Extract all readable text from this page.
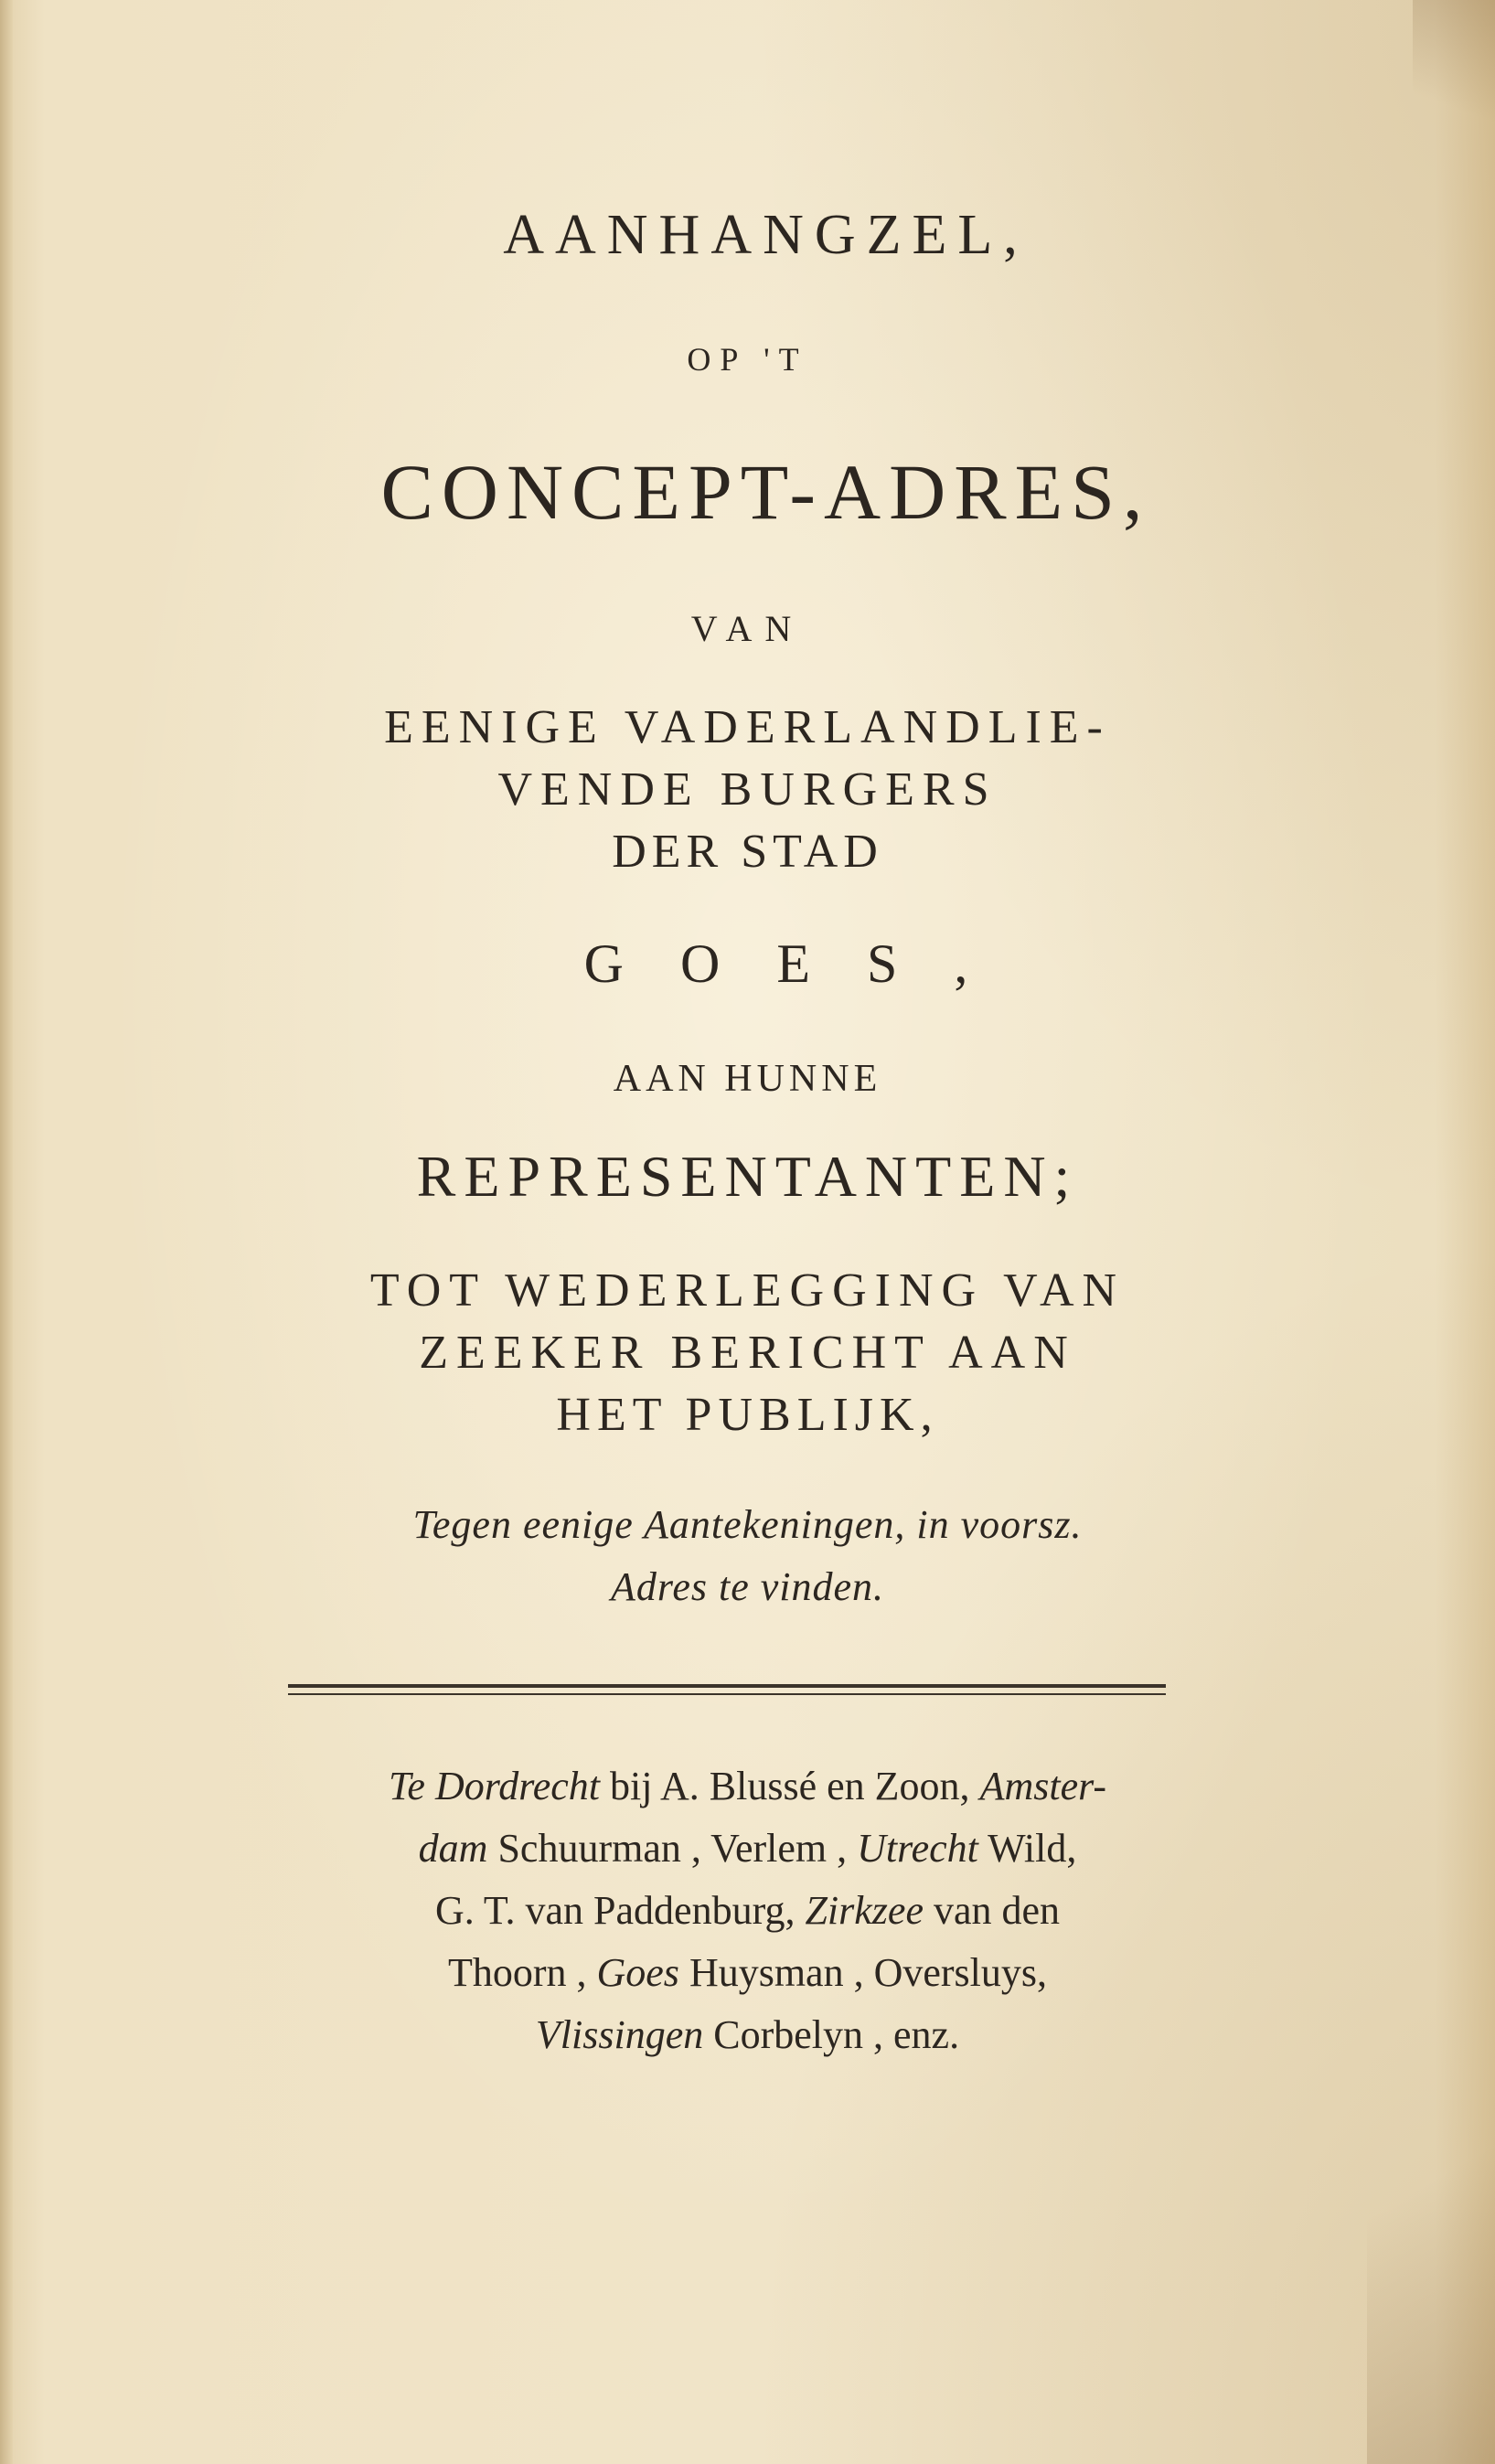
AANHANGZEL,
OP 'T
CONCEPT-ADRES,
VAN
EENIGE VADERLANDLIE-
VENDE BURGERS
DER STAD
GOES,
AAN HUNNE
REPRESENTANTEN;
TOT WEDERLEGGING VAN
ZEEKER BERICHT AAN
HET PUBLIJK,
Tegen eenige Aantekeningen, in voorsz.
Adres te vinden.
Te Dordrecht bij A. Blussé en Zoon, Amster-
dam Schuurman , Verlem , Utrecht Wild,
G. T. van Paddenburg, Zirkzee van den
Thoorn , Goes Huysman , Oversluys,
Vlissingen Corbelyn , enz.
